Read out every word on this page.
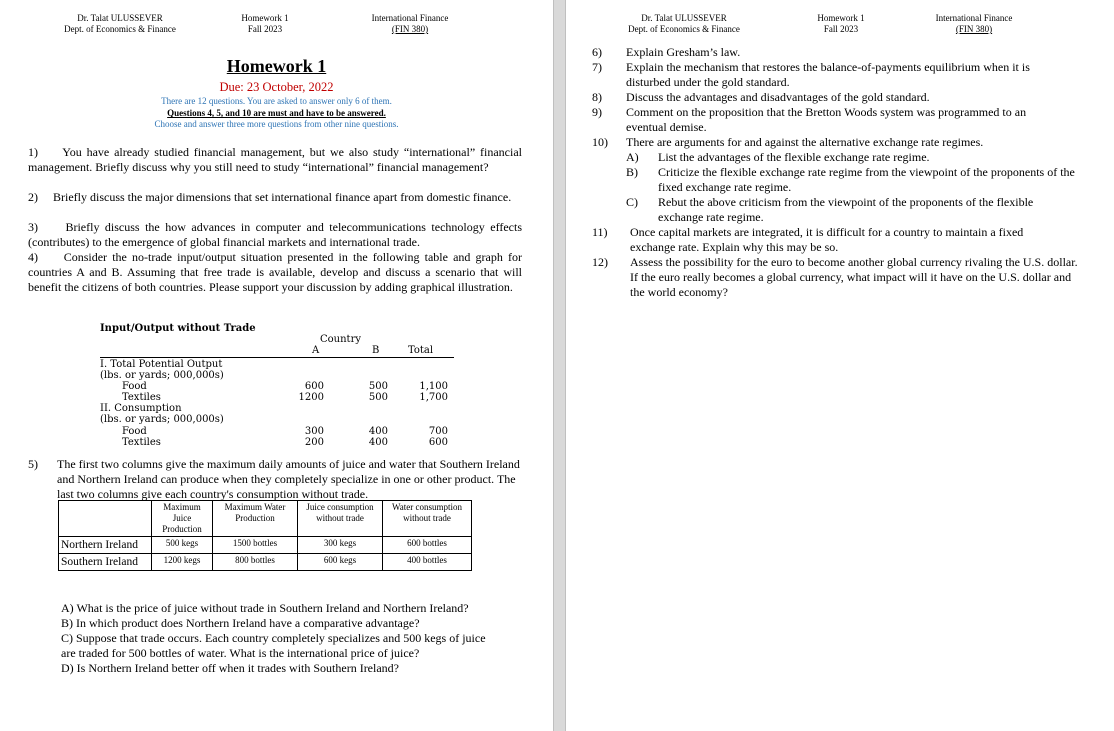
Dr. Talat ULUSSEVER
Dept. of Economics & Finance
Homework 1
Fall 2023
International Finance
(FIN 380)
Homework 1
Due: 23 October, 2022
There are 12 questions. You are asked to answer only 6 of them.
Questions 4, 5, and 10 are must and have to be answered.
Choose and answer three more questions from other nine questions.
1) You have already studied financial management, but we also study “international” financial management. Briefly discuss why you still need to study “international” financial management?
2) Briefly discuss the major dimensions that set international finance apart from domestic finance.
3) Briefly discuss the how advances in computer and telecommunications technology effects (contributes) to the emergence of global financial markets and international trade.
4) Consider the no-trade input/output situation presented in the following table and graph for countries A and B. Assuming that free trade is available, develop and discuss a scenario that will benefit the citizens of both countries. Please support your discussion by adding graphical illustration.
Input/Output without Trade
Country
A	B	Total
I. Total Potential Output
(lbs. or yards; 000,000s)
Food	600	500	1,100
Textiles	1200	500	1,700
II. Consumption
(lbs. or yards; 000,000s)
Food	300	400	700
Textiles	200	400	600
5)	The first two columns give the maximum daily amounts of juice and water that Southern Ireland and Northern Ireland can produce when they completely specialize in one or other product. The last two columns give each country's consumption without trade.
	Maximum Juice Production	Maximum Water Production	Juice consumption without trade	Water consumption without trade
Northern Ireland	500 kegs	1500 bottles	300 kegs	600 bottles
Southern Ireland	1200 kegs	800 bottles	600 kegs	400 bottles
A) What is the price of juice without trade in Southern Ireland and Northern Ireland?
B) In which product does Northern Ireland have a comparative advantage?
C) Suppose that trade occurs. Each country completely specializes and 500 kegs of juice are traded for 500 bottles of water. What is the international price of juice?
D) Is Northern Ireland better off when it trades with Southern Ireland?
Dr. Talat ULUSSEVER
Dept. of Economics & Finance
Homework 1
Fall 2023
International Finance
(FIN 380)
6) Explain Gresham’s law.
7) Explain the mechanism that restores the balance-of-payments equilibrium when it is disturbed under the gold standard.
8) Discuss the advantages and disadvantages of the gold standard.
9) Comment on the proposition that the Bretton Woods system was programmed to an eventual demise.
10) There are arguments for and against the alternative exchange rate regimes.
A) List the advantages of the flexible exchange rate regime.
B) Criticize the flexible exchange rate regime from the viewpoint of the proponents of the fixed exchange rate regime.
C) Rebut the above criticism from the viewpoint of the proponents of the flexible exchange rate regime.
11) Once capital markets are integrated, it is difficult for a country to maintain a fixed exchange rate. Explain why this may be so.
12) Assess the possibility for the euro to become another global currency rivaling the U.S. dollar. If the euro really becomes a global currency, what impact will it have on the U.S. dollar and the world economy?
